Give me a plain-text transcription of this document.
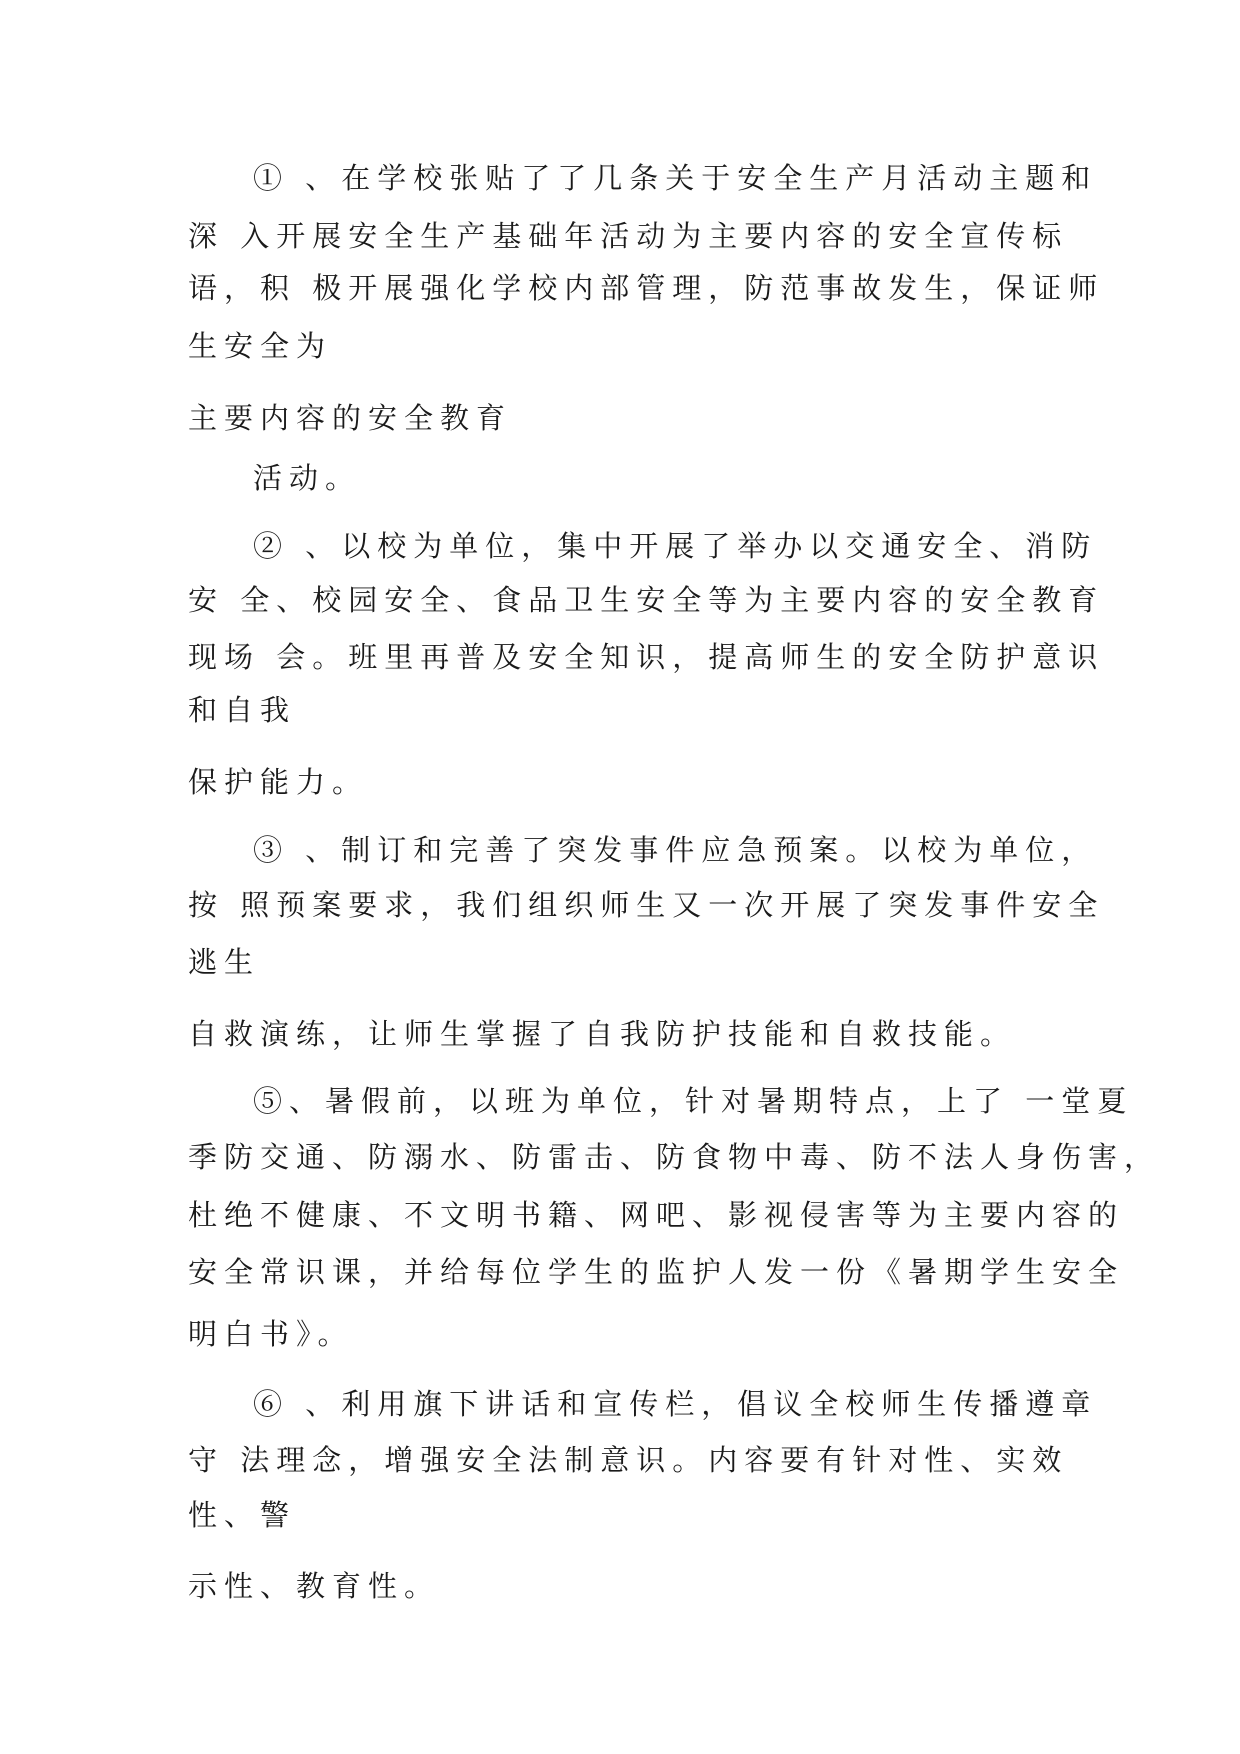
① 、在学校张贴了了几条关于安全生产月活动主题和
深 入开展安全生产基础年活动为主要内容的安全宣传标
语，积 极开展强化学校内部管理，防范事故发生，保证师
生安全为
主要内容的安全教育
活动。
② 、以校为单位，集中开展了举办以交通安全、消防
安 全、校园安全、食品卫生安全等为主要内容的安全教育
现场 会。班里再普及安全知识，提高师生的安全防护意识
和自我
保护能力。
③ 、制订和完善了突发事件应急预案。以校为单位，
按 照预案要求，我们组织师生又一次开展了突发事件安全
逃生
自救演练，让师生掌握了自我防护技能和自救技能。
⑤、暑假前，以班为单位，针对暑期特点，上了 一堂夏
季防交通、防溺水、防雷击、防食物中毒、防不法人身伤害，
杜绝不健康、不文明书籍、网吧、影视侵害等为主要内容的
安全常识课，并给每位学生的监护人发一份《暑期学生安全
明白书》。
⑥ 、利用旗下讲话和宣传栏，倡议全校师生传播遵章
守 法理念，增强安全法制意识。内容要有针对性、实效
性、警
示性、教育性。
